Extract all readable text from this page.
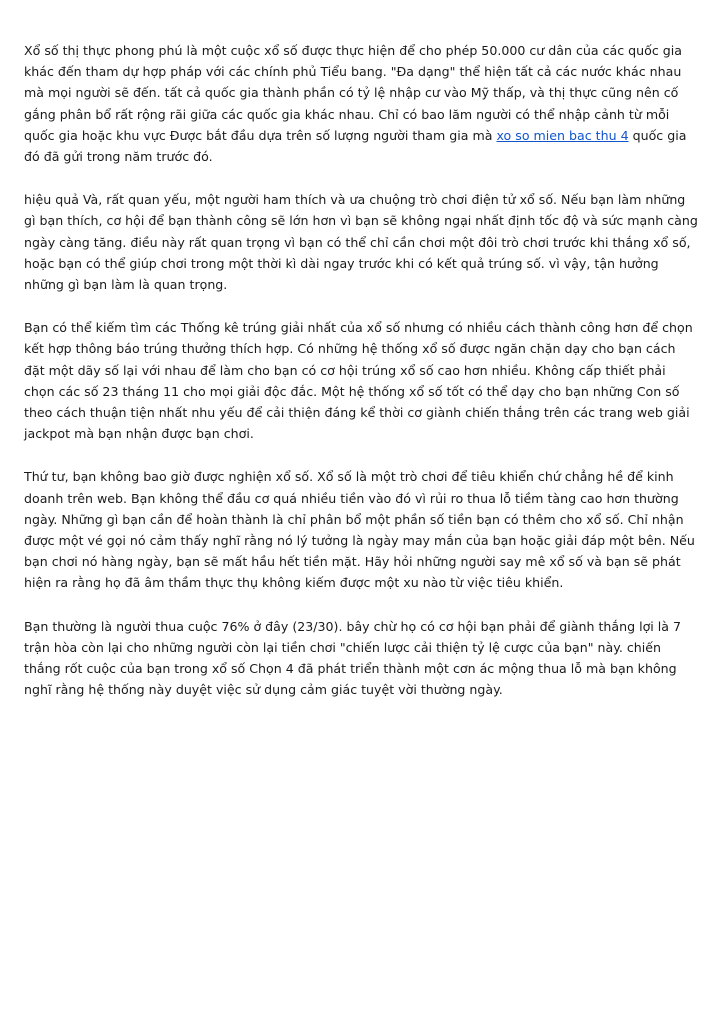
Xổ số thị thực phong phú là một cuộc xổ số được thực hiện để cho phép 50.000 cư dân của các quốc gia khác đến tham dự hợp pháp với các chính phủ Tiểu bang. "Đa dạng" thể hiện tất cả các nước khác nhau mà mọi người sẽ đến. tất cả quốc gia thành phần có tỷ lệ nhập cư vào Mỹ thấp, và thị thực cũng nên cố gắng phân bổ rất rộng rãi giữa các quốc gia khác nhau. Chỉ có bao lăm người có thể nhập cảnh từ mỗi quốc gia hoặc khu vực Được bắt đầu dựa trên số lượng người tham gia mà xo so mien bac thu 4 quốc gia đó đã gửi trong năm trước đó.

hiệu quả Và, rất quan yếu, một người ham thích và ưa chuộng trò chơi điện tử xổ số. Nếu bạn làm những gì bạn thích, cơ hội để bạn thành công sẽ lớn hơn vì bạn sẽ không ngại nhất định tốc độ và sức mạnh càng ngày càng tăng. điều này rất quan trọng vì bạn có thể chỉ cần chơi một đôi trò chơi trước khi thắng xổ số, hoặc bạn có thể giúp chơi trong một thời kì dài ngay trước khi có kết quả trúng số. vì vậy, tận hưởng những gì bạn làm là quan trọng.

Bạn có thể kiếm tìm các Thống kê trúng giải nhất của xổ số nhưng có nhiều cách thành công hơn để chọn kết hợp thông báo trúng thưởng thích hợp. Có những hệ thống xổ số được ngăn chặn dạy cho bạn cách đặt một dãy số lại với nhau để làm cho bạn có cơ hội trúng xổ số cao hơn nhiều. Không cấp thiết phải chọn các số 23 tháng 11 cho mọi giải độc đắc. Một hệ thống xổ số tốt có thể dạy cho bạn những Con số theo cách thuận tiện nhất nhu yếu để cải thiện đáng kể thời cơ giành chiến thắng trên các trang web giải jackpot mà bạn nhận được bạn chơi.

Thứ tư, bạn không bao giờ được nghiện xổ số. Xổ số là một trò chơi để tiêu khiển chứ chẳng hề để kinh doanh trên web. Bạn không thể đầu cơ quá nhiều tiền vào đó vì rủi ro thua lỗ tiềm tàng cao hơn thường ngày. Những gì bạn cần để hoàn thành là chỉ phân bổ một phần số tiền bạn có thêm cho xổ số. Chỉ nhận được một vé gọi nó cảm thấy nghĩ rằng nó lý tưởng là ngày may mắn của bạn hoặc giải đáp một bên. Nếu bạn chơi nó hàng ngày, bạn sẽ mất hầu hết tiền mặt. Hãy hỏi những người say mê xổ số và bạn sẽ phát hiện ra rằng họ đã âm thầm thực thụ không kiếm được một xu nào từ việc tiêu khiển.

Bạn thường là người thua cuộc 76% ở đây (23/30). bây chừ họ có cơ hội bạn phải để giành thắng lợi là 7 trận hòa còn lại cho những người còn lại tiền chơi "chiến lược cải thiện tỷ lệ cược của bạn" này. chiến thắng rốt cuộc của bạn trong xổ số Chọn 4 đã phát triển thành một cơn ác mộng thua lỗ mà bạn không nghĩ rằng hệ thống này duyệt việc sử dụng cảm giác tuyệt vời thường ngày.
